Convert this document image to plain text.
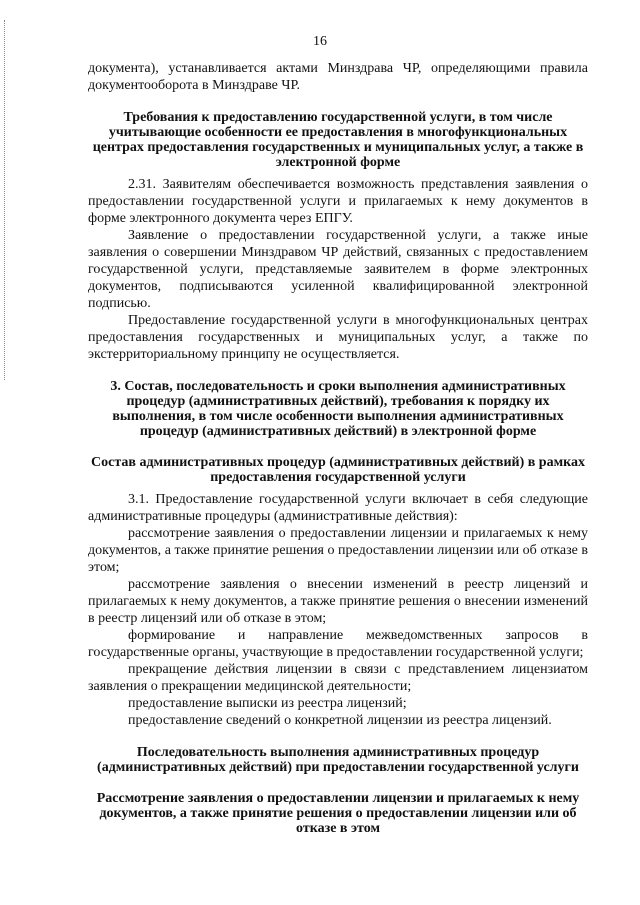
16

документа), устанавливается актами Минздрава ЧР, определяющими правила документооборота в Минздраве ЧР.

Требования к предоставлению государственной услуги, в том числе учитывающие особенности ее предоставления в многофункциональных центрах предоставления государственных и муниципальных услуг, а также в электронной форме

2.31. Заявителям обеспечивается возможность представления заявления о предоставлении государственной услуги и прилагаемых к нему документов в форме электронного документа через ЕПГУ.

Заявление о предоставлении государственной услуги, а также иные заявления о совершении Минздравом ЧР действий, связанных с предоставлением государственной услуги, представляемые заявителем в форме электронных документов, подписываются усиленной квалифицированной электронной подписью.

Предоставление государственной услуги в многофункциональных центрах предоставления государственных и муниципальных услуг, а также по экстерриториальному принципу не осуществляется.

3. Состав, последовательность и сроки выполнения административных процедур (административных действий), требования к порядку их выполнения, в том числе особенности выполнения административных процедур (административных действий) в электронной форме

Состав административных процедур (административных действий) в рамках предоставления государственной услуги

3.1. Предоставление государственной услуги включает в себя следующие административные процедуры (административные действия):

рассмотрение заявления о предоставлении лицензии и прилагаемых к нему документов, а также принятие решения о предоставлении лицензии или об отказе в этом;

рассмотрение заявления о внесении изменений в реестр лицензий и прилагаемых к нему документов, а также принятие решения о внесении изменений в реестр лицензий или об отказе в этом;

формирование и направление межведомственных запросов в государственные органы, участвующие в предоставлении государственной услуги;

прекращение действия лицензии в связи с представлением лицензиатом заявления о прекращении медицинской деятельности;

предоставление выписки из реестра лицензий;

предоставление сведений о конкретной лицензии из реестра лицензий.

Последовательность выполнения административных процедур (административных действий) при предоставлении государственной услуги

Рассмотрение заявления о предоставлении лицензии и прилагаемых к нему документов, а также принятие решения о предоставлении лицензии или об отказе в этом
